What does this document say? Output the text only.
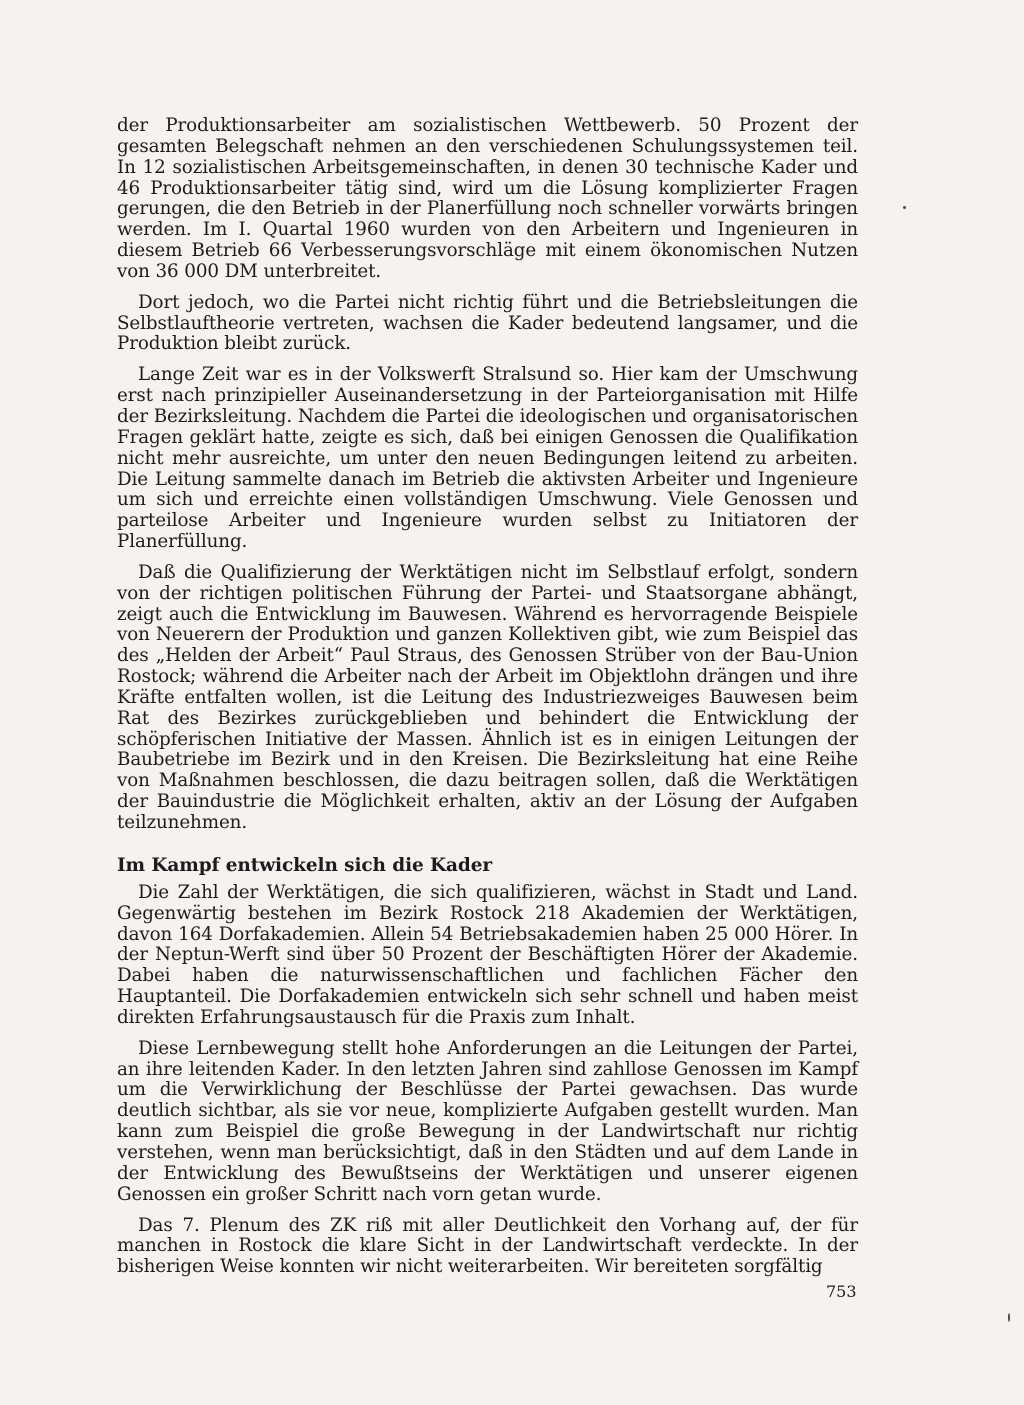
der Produktionsarbeiter am sozialistischen Wettbewerb. 50 Prozent der gesamten Belegschaft nehmen an den verschiedenen Schulungssystemen teil. In 12 sozialistischen Arbeitsgemeinschaften, in denen 30 technische Kader und 46 Produktionsarbeiter tätig sind, wird um die Lösung komplizierter Fragen gerungen, die den Betrieb in der Planerfüllung noch schneller vorwärts bringen werden. Im I. Quartal 1960 wurden von den Arbeitern und Ingenieuren in diesem Betrieb 66 Verbesserungsvorschläge mit einem ökonomischen Nutzen von 36 000 DM unterbreitet.

Dort jedoch, wo die Partei nicht richtig führt und die Betriebsleitungen die Selbstlauftheorie vertreten, wachsen die Kader bedeutend langsamer, und die Produktion bleibt zurück.

Lange Zeit war es in der Volkswerft Stralsund so. Hier kam der Umschwung erst nach prinzipieller Auseinandersetzung in der Parteiorganisation mit Hilfe der Bezirksleitung. Nachdem die Partei die ideologischen und organisatorischen Fragen geklärt hatte, zeigte es sich, daß bei einigen Genossen die Qualifikation nicht mehr ausreichte, um unter den neuen Bedingungen leitend zu arbeiten. Die Leitung sammelte danach im Betrieb die aktivsten Arbeiter und Ingenieure um sich und erreichte einen vollständigen Umschwung. Viele Genossen und parteilose Arbeiter und Ingenieure wurden selbst zu Initiatoren der Planerfüllung.

Daß die Qualifizierung der Werktätigen nicht im Selbstlauf erfolgt, sondern von der richtigen politischen Führung der Partei- und Staatsorgane abhängt, zeigt auch die Entwicklung im Bauwesen. Während es hervorragende Beispiele von Neuerern der Produktion und ganzen Kollektiven gibt, wie zum Beispiel das des „Helden der Arbeit“ Paul Straus, des Genossen Strüber von der Bau-Union Rostock; während die Arbeiter nach der Arbeit im Objektlohn drängen und ihre Kräfte entfalten wollen, ist die Leitung des Industriezweiges Bauwesen beim Rat des Bezirkes zurückgeblieben und behindert die Entwicklung der schöpferischen Initiative der Massen. Ähnlich ist es in einigen Leitungen der Baubetriebe im Bezirk und in den Kreisen. Die Bezirksleitung hat eine Reihe von Maßnahmen beschlossen, die dazu beitragen sollen, daß die Werktätigen der Bauindustrie die Möglichkeit erhalten, aktiv an der Lösung der Aufgaben teilzunehmen.

Im Kampf entwickeln sich die Kader

Die Zahl der Werktätigen, die sich qualifizieren, wächst in Stadt und Land. Gegenwärtig bestehen im Bezirk Rostock 218 Akademien der Werktätigen, davon 164 Dorfakademien. Allein 54 Betriebsakademien haben 25 000 Hörer. In der Neptun-Werft sind über 50 Prozent der Beschäftigten Hörer der Akademie. Dabei haben die naturwissenschaftlichen und fachlichen Fächer den Hauptanteil. Die Dorfakademien entwickeln sich sehr schnell und haben meist direkten Erfahrungsaustausch für die Praxis zum Inhalt.

Diese Lernbewegung stellt hohe Anforderungen an die Leitungen der Partei, an ihre leitenden Kader. In den letzten Jahren sind zahllose Genossen im Kampf um die Verwirklichung der Beschlüsse der Partei gewachsen. Das wurde deutlich sichtbar, als sie vor neue, komplizierte Aufgaben gestellt wurden. Man kann zum Beispiel die große Bewegung in der Landwirtschaft nur richtig verstehen, wenn man berücksichtigt, daß in den Städten und auf dem Lande in der Entwicklung des Bewußtseins der Werktätigen und unserer eigenen Genossen ein großer Schritt nach vorn getan wurde.

Das 7. Plenum des ZK riß mit aller Deutlichkeit den Vorhang auf, der für manchen in Rostock die klare Sicht in der Landwirtschaft verdeckte. In der bisherigen Weise konnten wir nicht weiterarbeiten. Wir bereiteten sorgfältig

753
